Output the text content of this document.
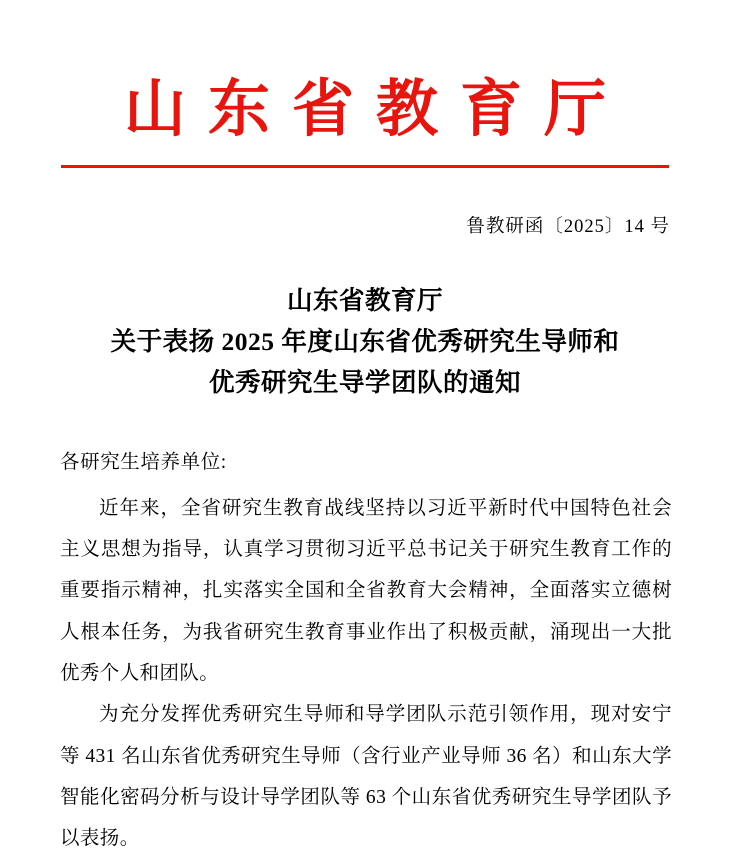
山东省教育厅
鲁教研函〔2025〕14 号
山东省教育厅
关于表扬 2025 年度山东省优秀研究生导师和
优秀研究生导学团队的通知
各研究生培养单位:

近年来，全省研究生教育战线坚持以习近平新时代中国特色社会主义思想为指导，认真学习贯彻习近平总书记关于研究生教育工作的重要指示精神，扎实落实全国和全省教育大会精神，全面落实立德树人根本任务，为我省研究生教育事业作出了积极贡献，涌现出一大批优秀个人和团队。

为充分发挥优秀研究生导师和导学团队示范引领作用，现对安宁等 431 名山东省优秀研究生导师（含行业产业导师 36 名）和山东大学智能化密码分析与设计导学团队等 63 个山东省优秀研究生导学团队予以表扬。
